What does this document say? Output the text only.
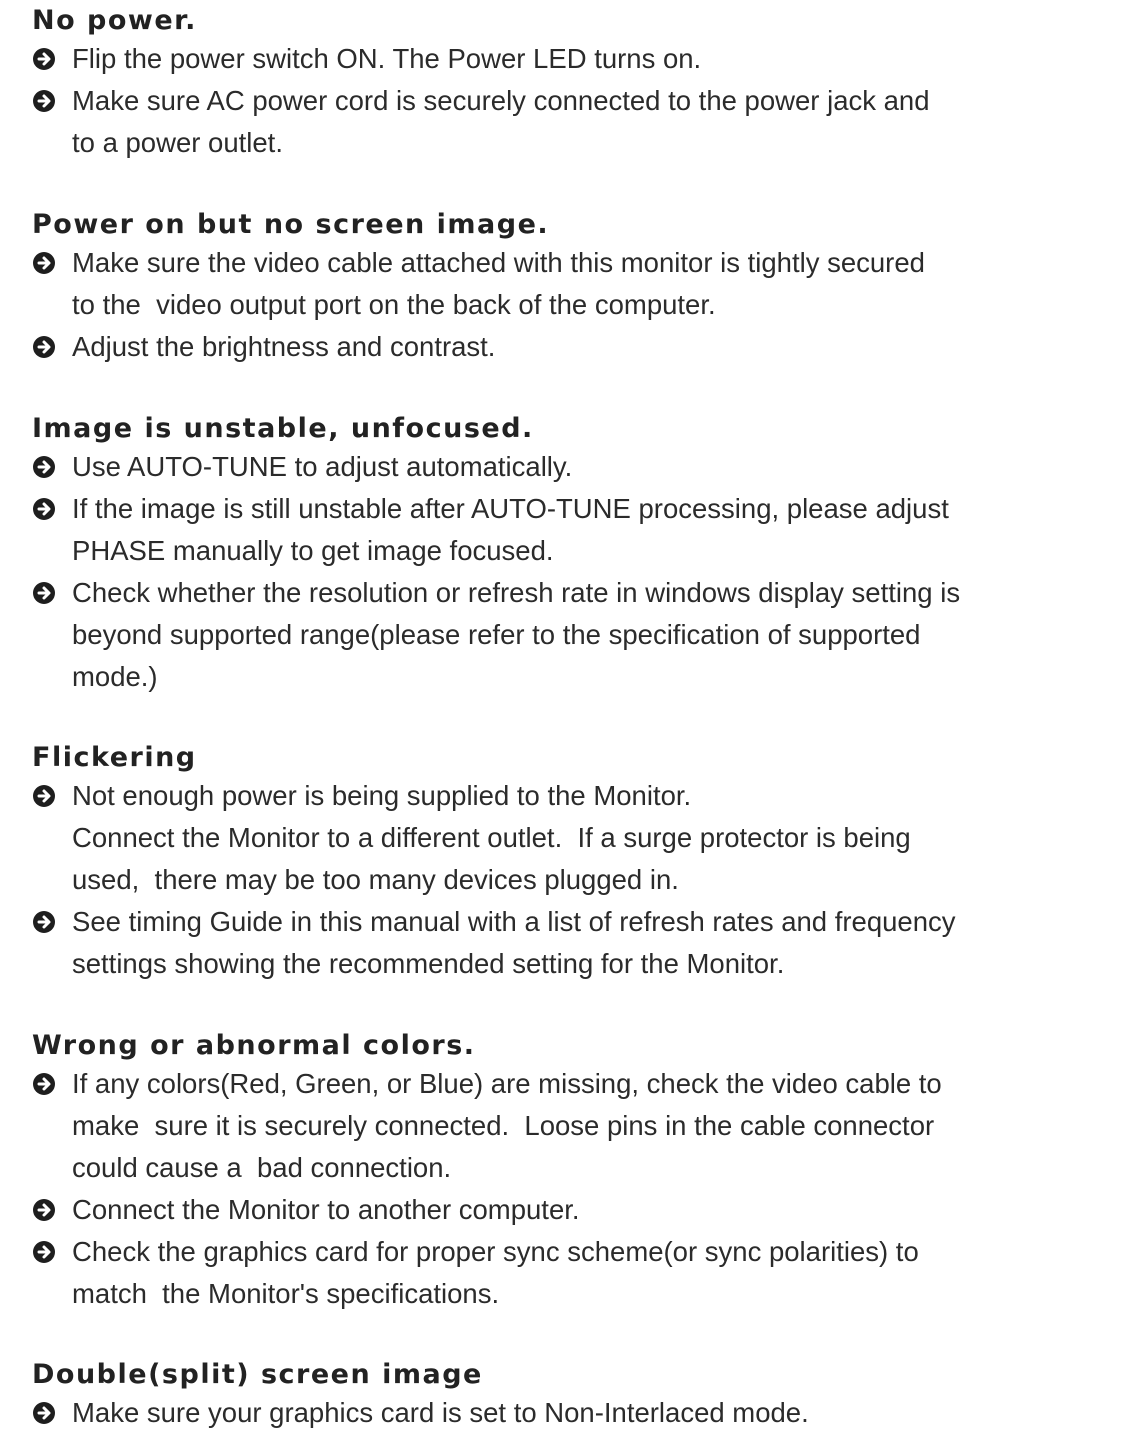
No power.
Flip the power switch ON. The Power LED turns on.
Make sure AC power cord is securely connected to the power jack and
to a power outlet.
Power on but no screen image.
Make sure the video cable attached with this monitor is tightly secured
to the  video output port on the back of the computer.
Adjust the brightness and contrast.
Image is unstable, unfocused.
Use AUTO-TUNE to adjust automatically.
If the image is still unstable after AUTO-TUNE processing, please adjust
PHASE manually to get image focused.
Check whether the resolution or refresh rate in windows display setting is
beyond supported range(please refer to the specification of supported
mode.)
Flickering
Not enough power is being supplied to the Monitor.
Connect the Monitor to a different outlet.  If a surge protector is being
used,  there may be too many devices plugged in.
See timing Guide in this manual with a list of refresh rates and frequency
settings showing the recommended setting for the Monitor.
Wrong or abnormal colors.
If any colors(Red, Green, or Blue) are missing, check the video cable to
make  sure it is securely connected.  Loose pins in the cable connector
could cause a  bad connection.
Connect the Monitor to another computer.
Check the graphics card for proper sync scheme(or sync polarities) to
match  the Monitor's specifications.
Double(split) screen image
Make sure your graphics card is set to Non-Interlaced mode.
